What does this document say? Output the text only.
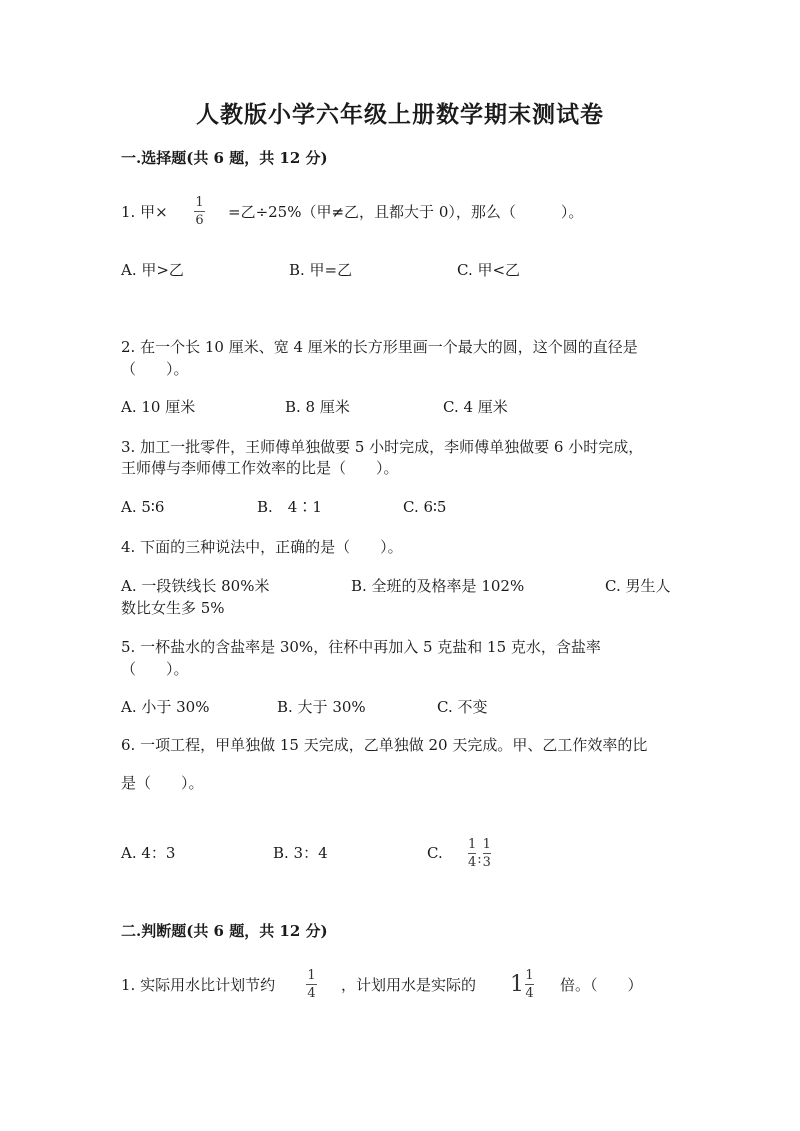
人教版小学六年级上册数学期末测试卷
一.选择题(共 6 题，共 12 分)
1. 甲×
1
6 =乙÷25%（甲≠乙，且都大于 0），那么（　　　）。
A. 甲>乙	B. 甲=乙	C. 甲<乙
2. 在一个长 10 厘米、宽 4 厘米的长方形里画一个最大的圆，这个圆的直径是
（　　）。
A. 10 厘米	B. 8 厘米	C. 4 厘米
3. 加工一批零件，王师傅单独做要 5 小时完成，李师傅单独做要 6 小时完成，
王师傅与李师傅工作效率的比是（　　）。
A. 5∶6	B.　4∶1	C. 6∶5
4. 下面的三种说法中，正确的是（　　）。
A. 一段铁线长 80%米	B. 全班的及格率是 102%	C. 男生人
数比女生多 5%
5. 一杯盐水的含盐率是 30%，往杯中再加入 5 克盐和 15 克水，含盐率
（　　）。
A. 小于 30%	B. 大于 30%	C. 不变
6. 一项工程，甲单独做 15 天完成，乙单独做 20 天完成。甲、乙工作效率的比
是（　　）。
A. 4：3	B. 3：4	C. $\frac{1}{4}$ : $\frac{1}{3}$
二.判断题(共 6 题，共 12 分)
1. 实际用水比计划节约
1
4 ，计划用水是实际的 $1 \frac{1}{4}$ 倍。（　　）
